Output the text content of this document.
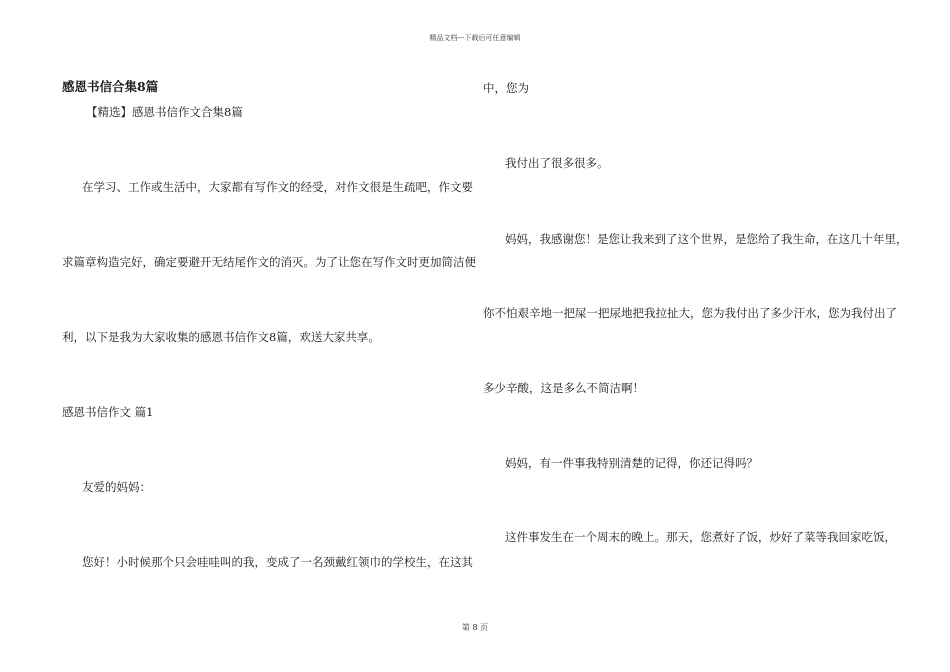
精品文档---下载后可任意编辑

感恩书信合集8篇

【精选】感恩书信作文合集8篇

在学习、工作或生活中，大家都有写作文的经受，对作文很是生疏吧，作文要

求篇章构造完好，确定要避开无结尾作文的消灭。为了让您在写作文时更加简洁便

利，以下是我为大家收集的感恩书信作文8篇，欢送大家共享。

感恩书信作文 篇1

友爱的妈妈：

您好！小时候那个只会哇哇叫的我，变成了一名颈戴红领巾的学校生，在这其

中，您为

我付出了很多很多。

妈妈，我感谢您！是您让我来到了这个世界，是您给了我生命，在这几十年里，

你不怕艰辛地一把屎一把尿地把我拉扯大，您为我付出了多少汗水，您为我付出了

多少辛酸，这是多么不简洁啊！

妈妈，有一件事我特别清楚的记得，你还记得吗？

这件事发生在一个周末的晚上。那天，您煮好了饭，炒好了菜等我回家吃饭，

第 8 页
